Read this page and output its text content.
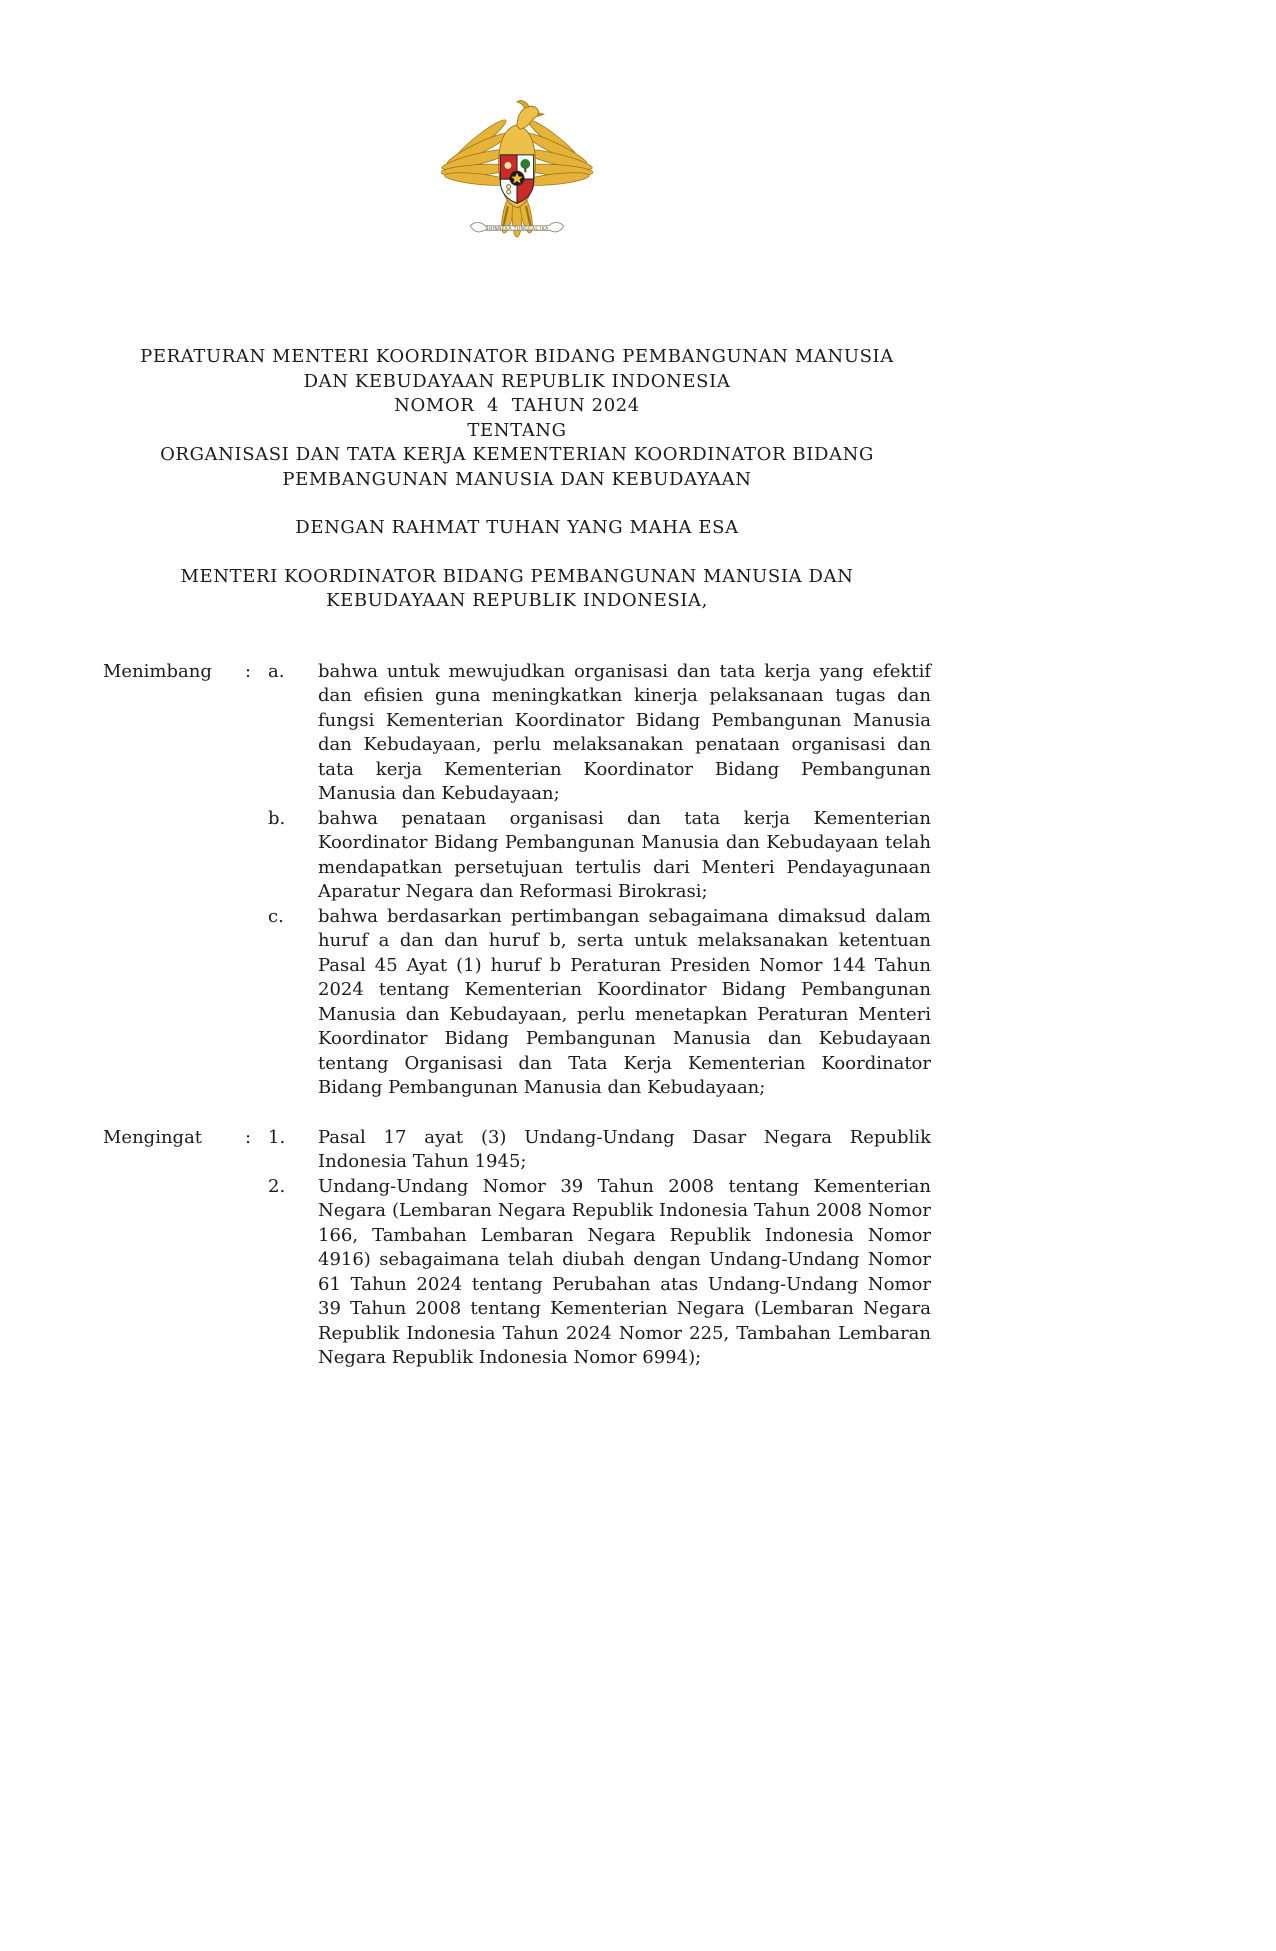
BHINNEKA TUNGGAL IKA
PERATURAN MENTERI KOORDINATOR BIDANG PEMBANGUNAN MANUSIA
DAN KEBUDAYAAN REPUBLIK INDONESIA
NOMOR  4  TAHUN 2024
TENTANG
ORGANISASI DAN TATA KERJA KEMENTERIAN KOORDINATOR BIDANG
PEMBANGUNAN MANUSIA DAN KEBUDAYAAN
DENGAN RAHMAT TUHAN YANG MAHA ESA
MENTERI KOORDINATOR BIDANG PEMBANGUNAN MANUSIA DAN
KEBUDAYAAN REPUBLIK INDONESIA,
Menimbang	: a.	bahwa untuk mewujudkan organisasi dan tata kerja yang efektif dan efisien guna meningkatkan kinerja pelaksanaan tugas dan fungsi Kementerian Koordinator Bidang Pembangunan Manusia dan Kebudayaan, perlu melaksanakan penataan organisasi dan tata kerja Kementerian Koordinator Bidang Pembangunan Manusia dan Kebudayaan;
b.	bahwa penataan organisasi dan tata kerja Kementerian Koordinator Bidang Pembangunan Manusia dan Kebudayaan telah mendapatkan persetujuan tertulis dari Menteri Pendayagunaan Aparatur Negara dan Reformasi Birokrasi;
c.	bahwa berdasarkan pertimbangan sebagaimana dimaksud dalam huruf a dan dan huruf b, serta untuk melaksanakan ketentuan Pasal 45 Ayat (1) huruf b Peraturan Presiden Nomor 144 Tahun 2024 tentang Kementerian Koordinator Bidang Pembangunan Manusia dan Kebudayaan, perlu menetapkan Peraturan Menteri Koordinator Bidang Pembangunan Manusia dan Kebudayaan tentang Organisasi dan Tata Kerja Kementerian Koordinator Bidang Pembangunan Manusia dan Kebudayaan;
Mengingat	: 1.	Pasal 17 ayat (3) Undang-Undang Dasar Negara Republik Indonesia Tahun 1945;
2.	Undang-Undang Nomor 39 Tahun 2008 tentang Kementerian Negara (Lembaran Negara Republik Indonesia Tahun 2008 Nomor 166, Tambahan Lembaran Negara Republik Indonesia Nomor 4916) sebagaimana telah diubah dengan Undang-Undang Nomor 61 Tahun 2024 tentang Perubahan atas Undang-Undang Nomor 39 Tahun 2008 tentang Kementerian Negara (Lembaran Negara Republik Indonesia Tahun 2024 Nomor 225, Tambahan Lembaran Negara Republik Indonesia Nomor 6994);
